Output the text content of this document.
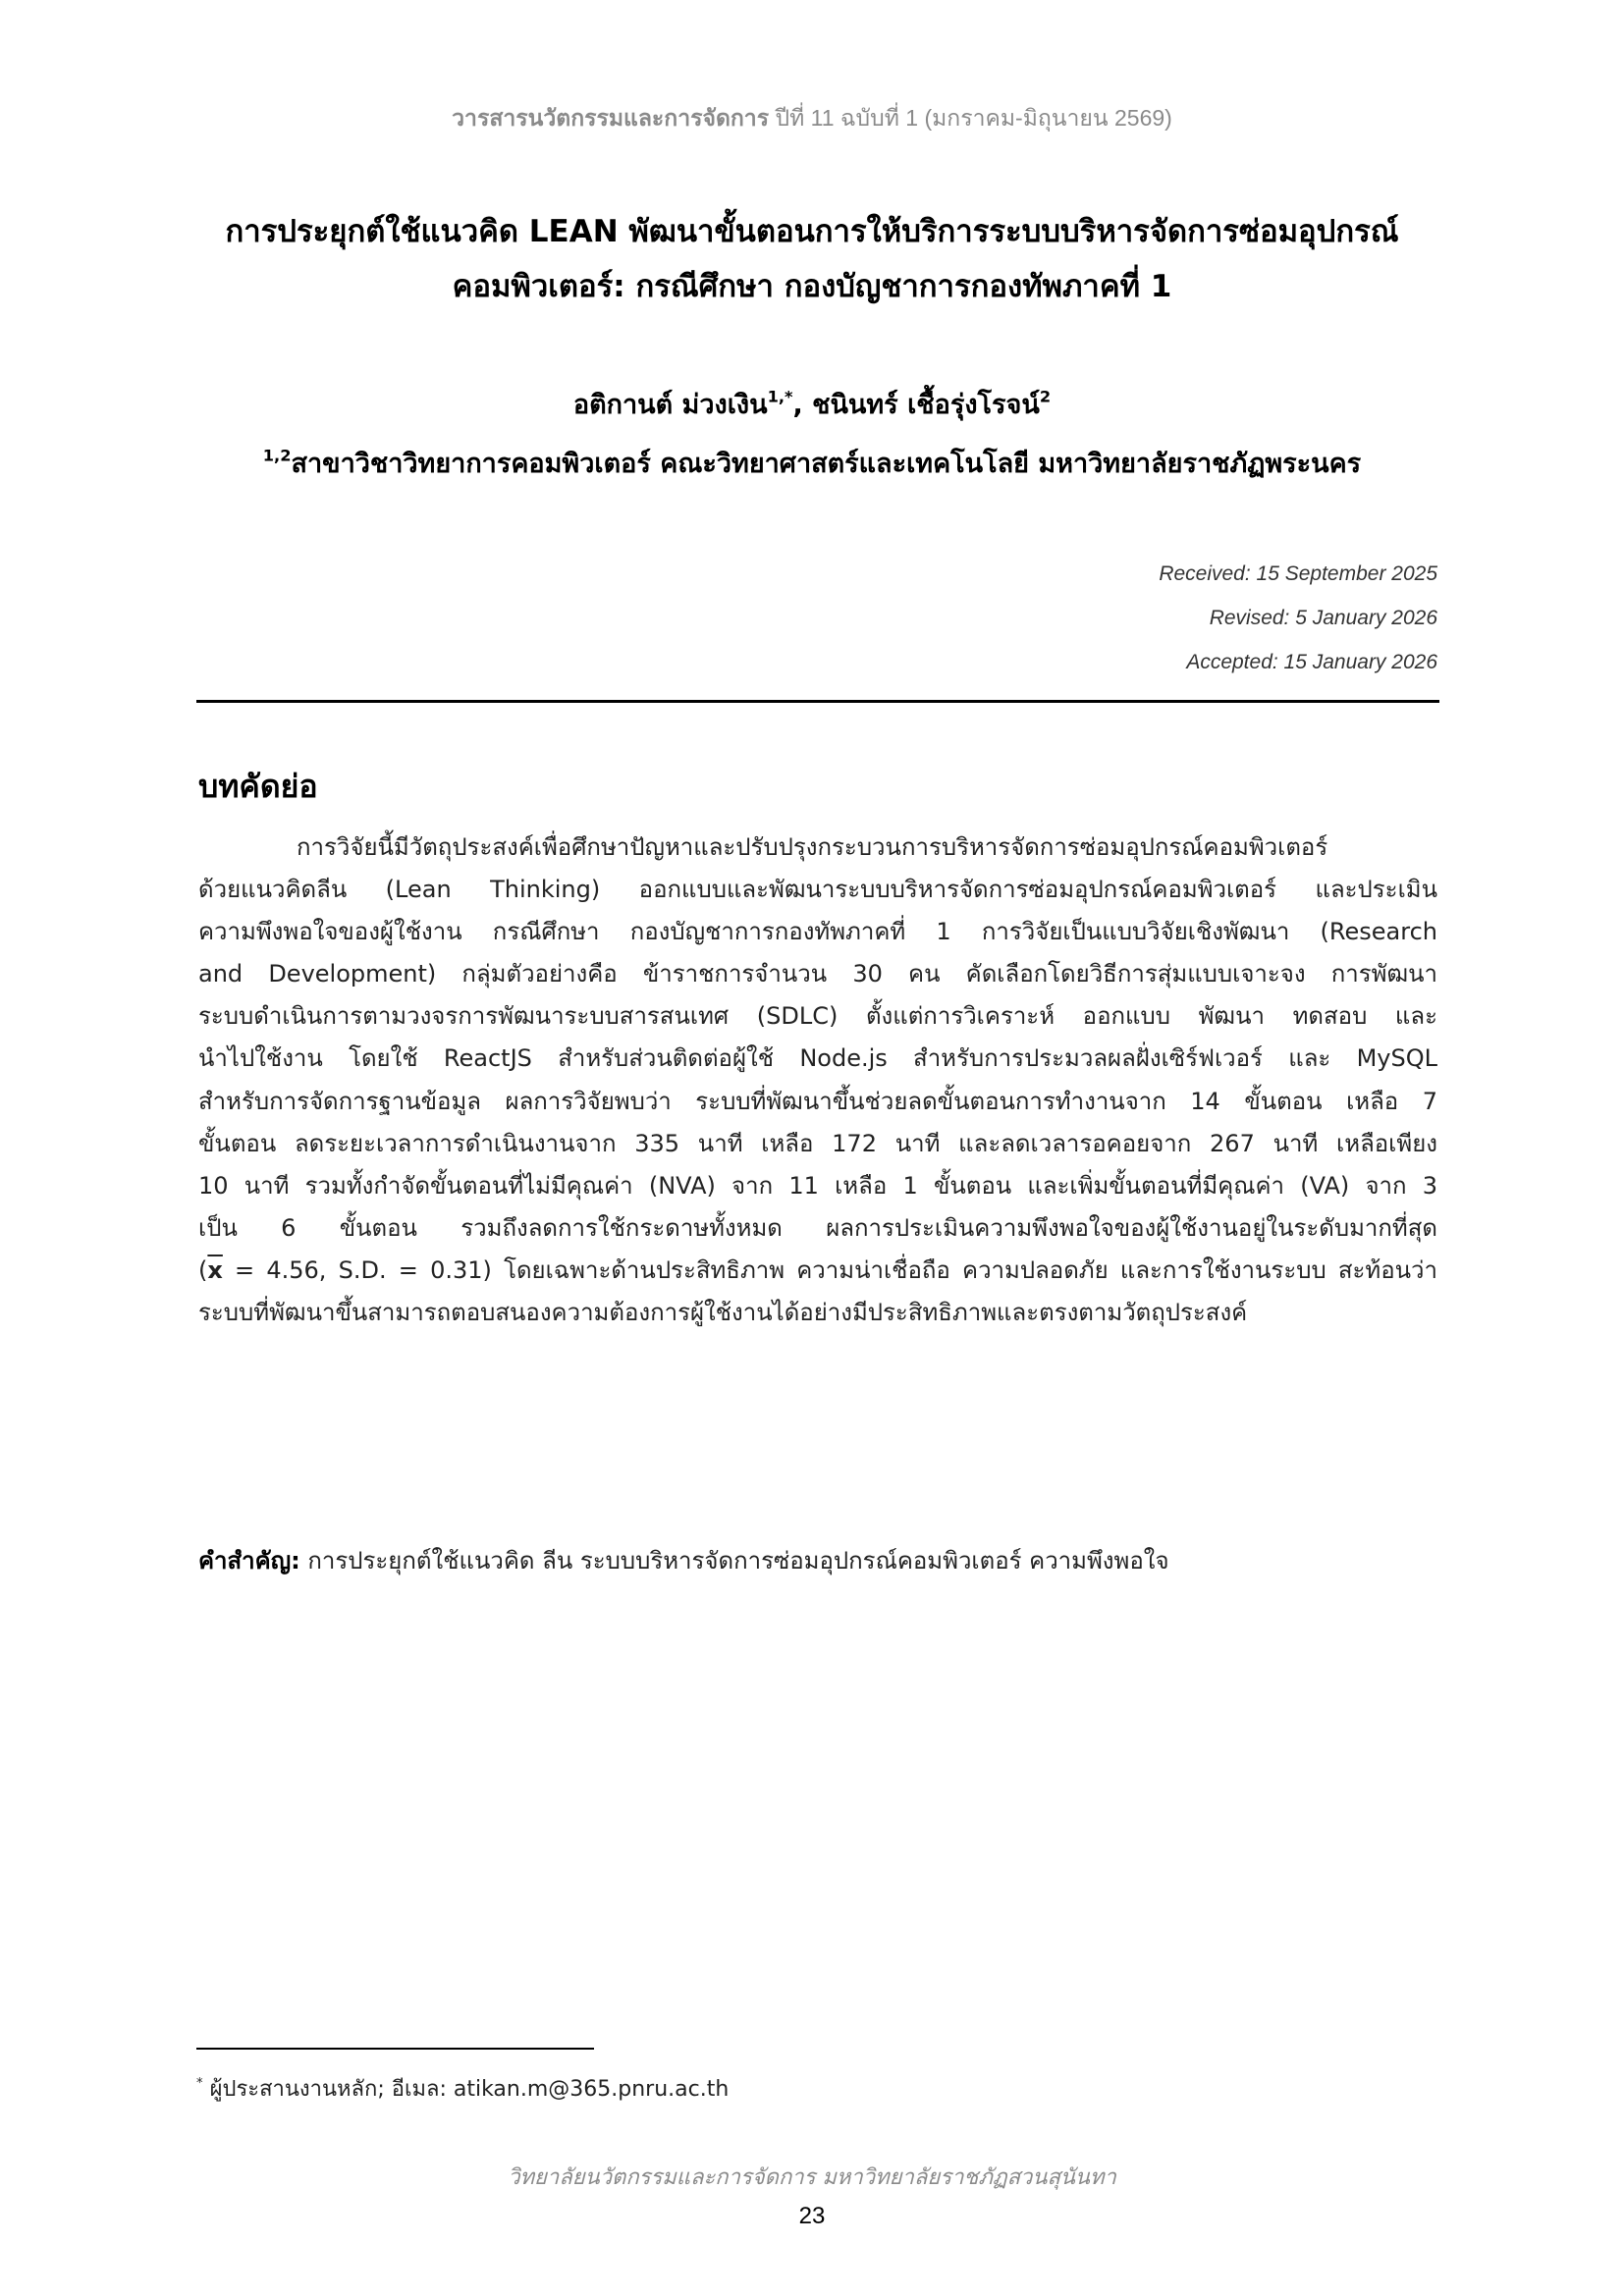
วารสารนวัตกรรมและการจัดการ ปีที่ 11 ฉบับที่ 1 (มกราคม-มิถุนายน 2569)
การประยุกต์ใช้แนวคิด LEAN พัฒนาขั้นตอนการให้บริการระบบบริหารจัดการซ่อมอุปกรณ์
คอมพิวเตอร์: กรณีศึกษา กองบัญชาการกองทัพภาคที่ 1
อติกานต์ ม่วงเงิน$^{1,*}$, ชนินทร์ เชื้อรุ่งโรจน์$^2$
$^{1,2}$สาขาวิชาวิทยาการคอมพิวเตอร์ คณะวิทยาศาสตร์และเทคโนโลยี มหาวิทยาลัยราชภัฏพระนคร
Received: 15 September 2025
Revised: 5 January 2026
Accepted: 15 January 2026
บทคัดย่อ
การวิจัยนี้มีวัตถุประสงค์เพื่อศึกษาปัญหาและปรับปรุงกระบวนการบริหารจัดการซ่อมอุปกรณ์คอมพิวเตอร์
ด้วยแนวคิดลีน (Lean Thinking) ออกแบบและพัฒนาระบบบริหารจัดการซ่อมอุปกรณ์คอมพิวเตอร์ และประเมิน
ความพึงพอใจของผู้ใช้งาน กรณีศึกษา กองบัญชาการกองทัพภาคที่ 1 การวิจัยเป็นแบบวิจัยเชิงพัฒนา (Research
and Development) กลุ่มตัวอย่างคือ ข้าราชการจำนวน 30 คน คัดเลือกโดยวิธีการสุ่มแบบเจาะจง การพัฒนา
ระบบดำเนินการตามวงจรการพัฒนาระบบสารสนเทศ (SDLC) ตั้งแต่การวิเคราะห์ ออกแบบ พัฒนา ทดสอบ และ
นำไปใช้งาน โดยใช้ ReactJS สำหรับส่วนติดต่อผู้ใช้ Node.js สำหรับการประมวลผลฝั่งเซิร์ฟเวอร์ และ MySQL
สำหรับการจัดการฐานข้อมูล ผลการวิจัยพบว่า ระบบที่พัฒนาขึ้นช่วยลดขั้นตอนการทำงานจาก 14 ขั้นตอน เหลือ 7
ขั้นตอน ลดระยะเวลาการดำเนินงานจาก 335 นาที เหลือ 172 นาที และลดเวลารอคอยจาก 267 นาที เหลือเพียง
10 นาที รวมทั้งกำจัดขั้นตอนที่ไม่มีคุณค่า (NVA) จาก 11 เหลือ 1 ขั้นตอน และเพิ่มขั้นตอนที่มีคุณค่า (VA) จาก 3
เป็น 6 ขั้นตอน รวมถึงลดการใช้กระดาษทั้งหมด ผลการประเมินความพึงพอใจของผู้ใช้งานอยู่ในระดับมากที่สุด
($\overline{x} = 4.56$, S.D. = 0.31) โดยเฉพาะด้านประสิทธิภาพ ความน่าเชื่อถือ ความปลอดภัย และการใช้งานระบบ สะท้อนว่า
ระบบที่พัฒนาขึ้นสามารถตอบสนองความต้องการผู้ใช้งานได้อย่างมีประสิทธิภาพและตรงตามวัตถุประสงค์
คำสำคัญ: การประยุกต์ใช้แนวคิด ลีน ระบบบริหารจัดการซ่อมอุปกรณ์คอมพิวเตอร์ ความพึงพอใจ
* ผู้ประสานงานหลัก; อีเมล: atikan.m@365.pnru.ac.th
วิทยาลัยนวัตกรรมและการจัดการ มหาวิทยาลัยราชภัฏสวนสุนันทา
23
